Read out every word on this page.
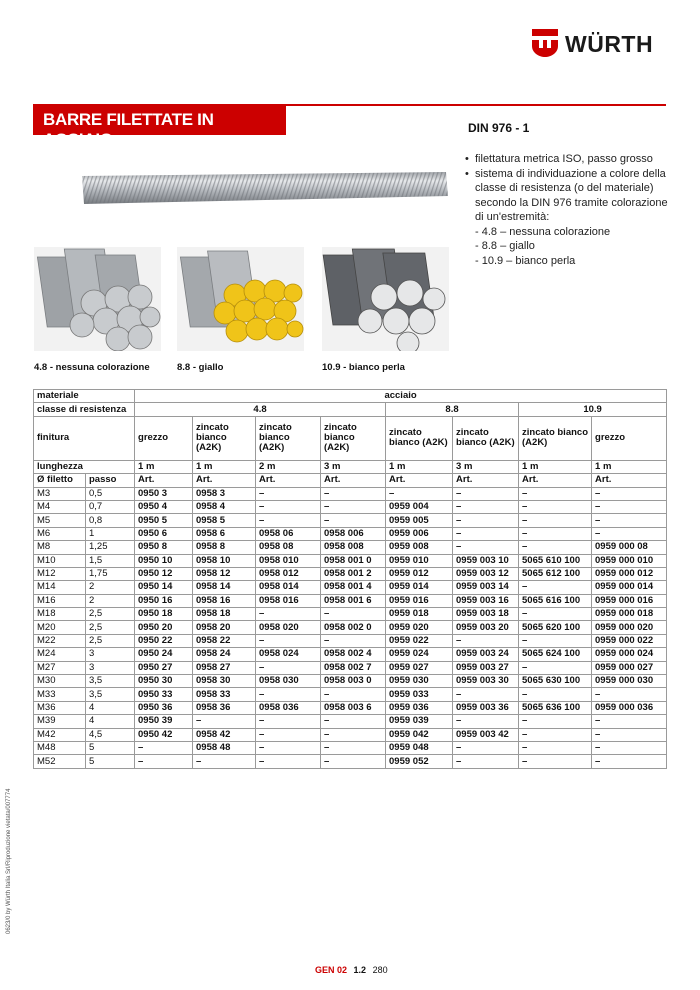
WÜRTH
BARRE FILETTATE IN ACCIAIO
DIN 976 - 1
• filettatura metrica ISO, passo grosso
• sistema di individuazione a colore della classe di resistenza (o del materiale) secondo la DIN 976 tramite colorazione di un'estremità:
- 4.8 – nessuna colorazione
- 8.8 – giallo
- 10.9 – bianco perla
4.8 - nessuna colorazione	8.8 - giallo	10.9 - bianco perla
materiale		acciaio							
classe di resistenza		4.8				8.8		10.9	
finitura		grezzo	zincato bianco (A2K)	zincato bianco (A2K)	zincato bianco (A2K)	zincato bianco (A2K)	zincato bianco (A2K)	zincato bianco (A2K)	grezzo
lunghezza		1 m	1 m	2 m	3 m	1 m	3 m	1 m	1 m
Ø filetto	passo	Art.	Art.	Art.	Art.	Art.	Art.	Art.	Art.
M3	0,5	0950 3	0958 3	–	–	–	–	–	–
M4	0,7	0950 4	0958 4	–	–	0959 004	–	–	–
M5	0,8	0950 5	0958 5	–	–	0959 005	–	–	–
M6	1	0950 6	0958 6	0958 06	0958 006	0959 006	–	–	–
M8	1,25	0950 8	0958 8	0958 08	0958 008	0959 008	–	–	0959 000 08
M10	1,5	0950 10	0958 10	0958 010	0958 001 0	0959 010	0959 003 10	5065 610 100	0959 000 010
M12	1,75	0950 12	0958 12	0958 012	0958 001 2	0959 012	0959 003 12	5065 612 100	0959 000 012
M14	2	0950 14	0958 14	0958 014	0958 001 4	0959 014	0959 003 14	–	0959 000 014
M16	2	0950 16	0958 16	0958 016	0958 001 6	0959 016	0959 003 16	5065 616 100	0959 000 016
M18	2,5	0950 18	0958 18	–	–	0959 018	0959 003 18	–	0959 000 018
M20	2,5	0950 20	0958 20	0958 020	0958 002 0	0959 020	0959 003 20	5065 620 100	0959 000 020
M22	2,5	0950 22	0958 22	–	–	0959 022	–	–	0959 000 022
M24	3	0950 24	0958 24	0958 024	0958 002 4	0959 024	0959 003 24	5065 624 100	0959 000 024
M27	3	0950 27	0958 27	–	0958 002 7	0959 027	0959 003 27	–	0959 000 027
M30	3,5	0950 30	0958 30	0958 030	0958 003 0	0959 030	0959 003 30	5065 630 100	0959 000 030
M33	3,5	0950 33	0958 33	–	–	0959 033	–	–	–
M36	4	0950 36	0958 36	0958 036	0958 003 6	0959 036	0959 003 36	5065 636 100	0959 000 036
M39	4	0950 39	–	–	–	0959 039	–	–	–
M42	4,5	0950 42	0958 42	–	–	0959 042	0959 003 42	–	–
M48	5	–	0958 48	–	–	0959 048	–	–	–
M52	5	–	–	–	–	0959 052	–	–	–
0623/0 by Würth Italia Srl/Riproduzione vietata/007774
GEN 02 1.2 280
